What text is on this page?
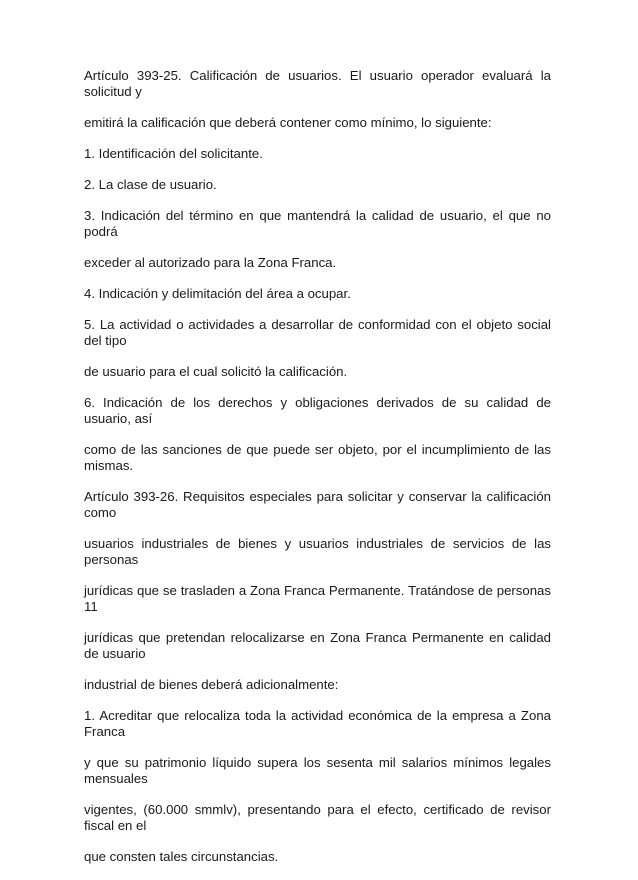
Artículo 393-25. Calificación de usuarios. El usuario operador evaluará la solicitud y

emitirá la calificación que deberá contener como mínimo, lo siguiente:

1. Identificación del solicitante.

2. La clase de usuario.

3. Indicación del término en que mantendrá la calidad de usuario, el que no podrá

exceder al autorizado para la Zona Franca.

4. Indicación y delimitación del área a ocupar.

5. La actividad o actividades a desarrollar de conformidad con el objeto social del tipo

de usuario para el cual solicitó la calificación.

6. Indicación de los derechos y obligaciones derivados de su calidad de usuario, así

como de las sanciones de que puede ser objeto, por el incumplimiento de las mismas.

Artículo 393-26. Requisitos especiales para solicitar y conservar la calificación como

usuarios industriales de bienes y usuarios industriales de servicios de las personas

jurídicas que se trasladen a Zona Franca Permanente. Tratándose de personas 11

jurídicas que pretendan relocalizarse en Zona Franca Permanente en calidad de usuario

industrial de bienes deberá adicionalmente:

1. Acreditar que relocaliza toda la actividad económica de la empresa a Zona Franca

y que su patrimonio líquido supera los sesenta mil salarios mínimos legales mensuales

vigentes, (60.000 smmlv), presentando para el efecto, certificado de revisor fiscal en el

que consten tales circunstancias.
